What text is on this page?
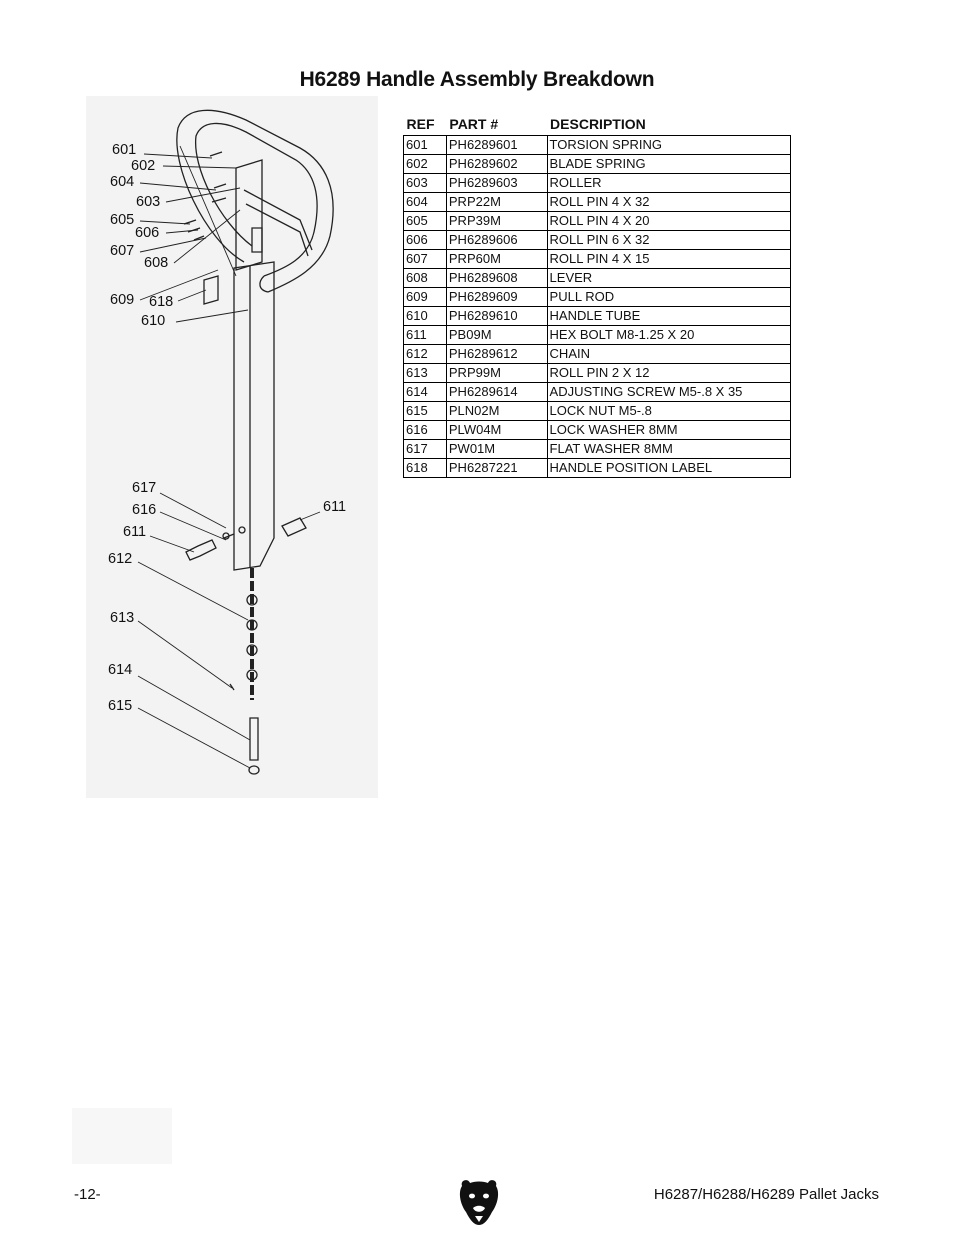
H6289 Handle Assembly Breakdown
601
602
604
603
605
606
607
608
609 618
610
617
616
611
611
612
613
614
615
REF	PART #	DESCRIPTION
601	PH6289601	TORSION SPRING
602	PH6289602	BLADE SPRING
603	PH6289603	ROLLER
604	PRP22M	ROLL PIN 4 X 32
605	PRP39M	ROLL PIN 4 X 20
606	PH6289606	ROLL PIN 6 X 32
607	PRP60M	ROLL PIN 4 X 15
608	PH6289608	LEVER
609	PH6289609	PULL ROD
610	PH6289610	HANDLE TUBE
611	PB09M	HEX BOLT M8-1.25 X 20
612	PH6289612	CHAIN
613	PRP99M	ROLL PIN 2 X 12
614	PH6289614	ADJUSTING SCREW M5-.8 X 35
615	PLN02M	LOCK NUT M5-.8
616	PLW04M	LOCK WASHER 8MM
617	PW01M	FLAT WASHER 8MM
618	PH6287221	HANDLE POSITION LABEL
-12-	H6287/H6288/H6289 Pallet Jacks
